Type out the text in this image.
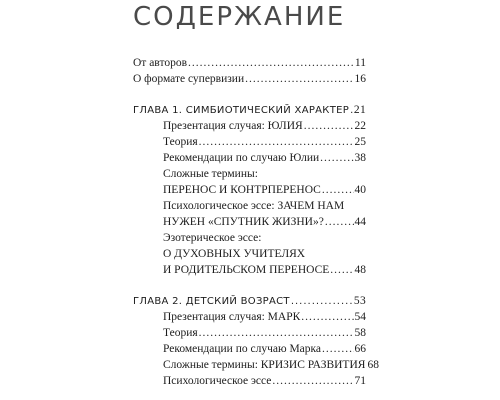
СОДЕРЖАНИЕ
От авторов .....	11
О формате супервизии .....	16
ГЛАВА 1. СИМБИОТИЧЕСКИЙ ХАРАКТЕР ..... 21
Презентация случая: ЮЛИЯ .....	22
Теория .....	25
Рекомендации по случаю Юлии .....	38
Сложные термины:
ПЕРЕНОС И КОНТРПЕРЕНОС .....	40
Психологическое эссе: ЗАЧЕМ НАМ
НУЖЕН «СПУТНИК ЖИЗНИ»? .....	44
Эзотерическое эссе:
О ДУХОВНЫХ УЧИТЕЛЯХ
И РОДИТЕЛЬСКОМ ПЕРЕНОСЕ ..... 48
ГЛАВА 2. ДЕТСКИЙ ВОЗРАСТ .....	53
Презентация случая: МАРК .....	54
Теория .....	58
Рекомендации по случаю Марка .....	66
Сложные термины: КРИЗИС РАЗВИТИЯ 68
Психологическое эссе .....	71
